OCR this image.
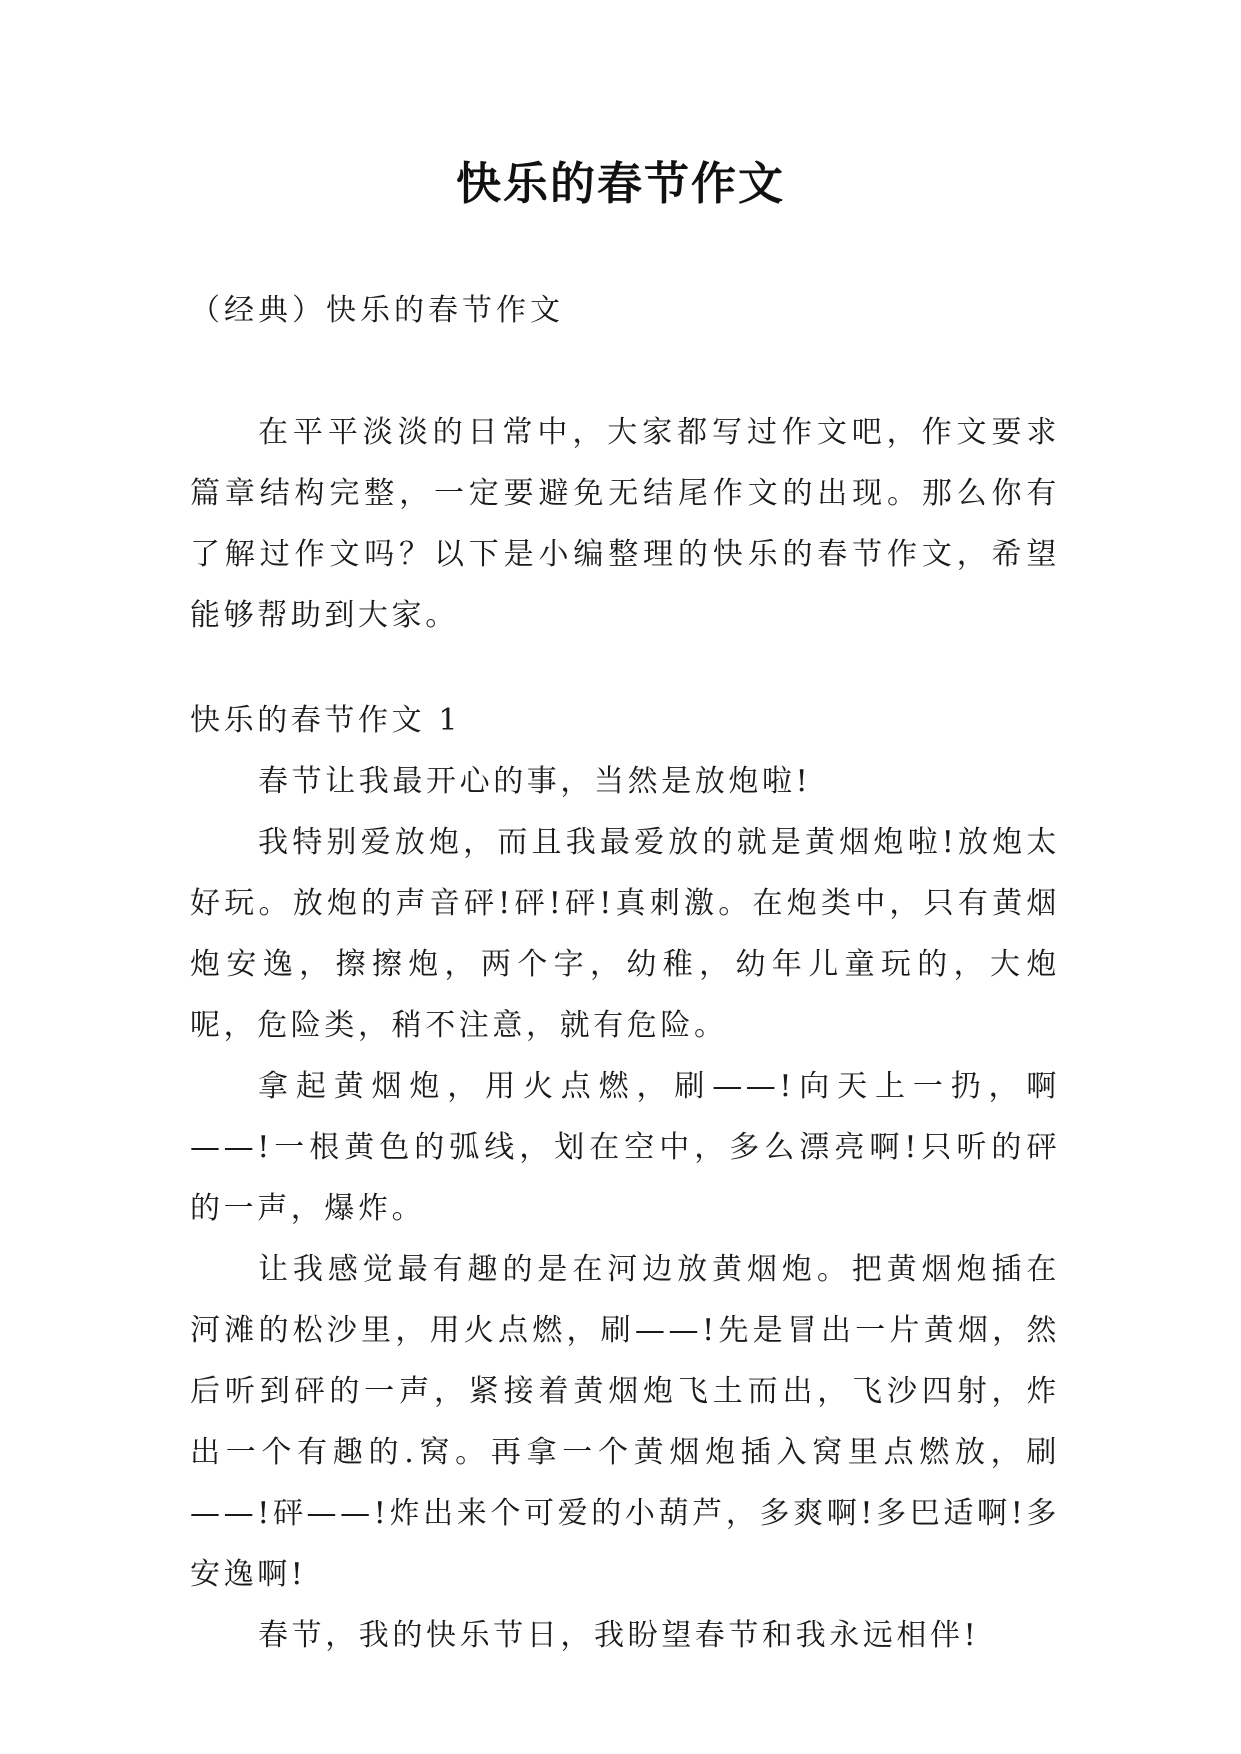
快乐的春节作文
（经典）快乐的春节作文

在平平淡淡的日常中，大家都写过作文吧，作文要求篇章结构完整，一定要避免无结尾作文的出现。那么你有了解过作文吗？以下是小编整理的快乐的春节作文，希望能够帮助到大家。

快乐的春节作文 1

春节让我最开心的事，当然是放炮啦!

我特别爱放炮，而且我最爱放的就是黄烟炮啦!放炮太好玩。放炮的声音砰!砰!砰!真刺激。在炮类中，只有黄烟炮安逸，擦擦炮，两个字，幼稚，幼年儿童玩的，大炮呢，危险类，稍不注意，就有危险。

拿起黄烟炮，用火点燃，刷——!向天上一扔，啊——!一根黄色的弧线，划在空中，多么漂亮啊!只听的砰的一声，爆炸。

让我感觉最有趣的是在河边放黄烟炮。把黄烟炮插在河滩的松沙里，用火点燃，刷——!先是冒出一片黄烟，然后听到砰的一声，紧接着黄烟炮飞土而出，飞沙四射，炸出一个有趣的.窝。再拿一个黄烟炮插入窝里点燃放，刷——!砰——!炸出来个可爱的小葫芦，多爽啊!多巴适啊!多安逸啊!

春节，我的快乐节日，我盼望春节和我永远相伴!
